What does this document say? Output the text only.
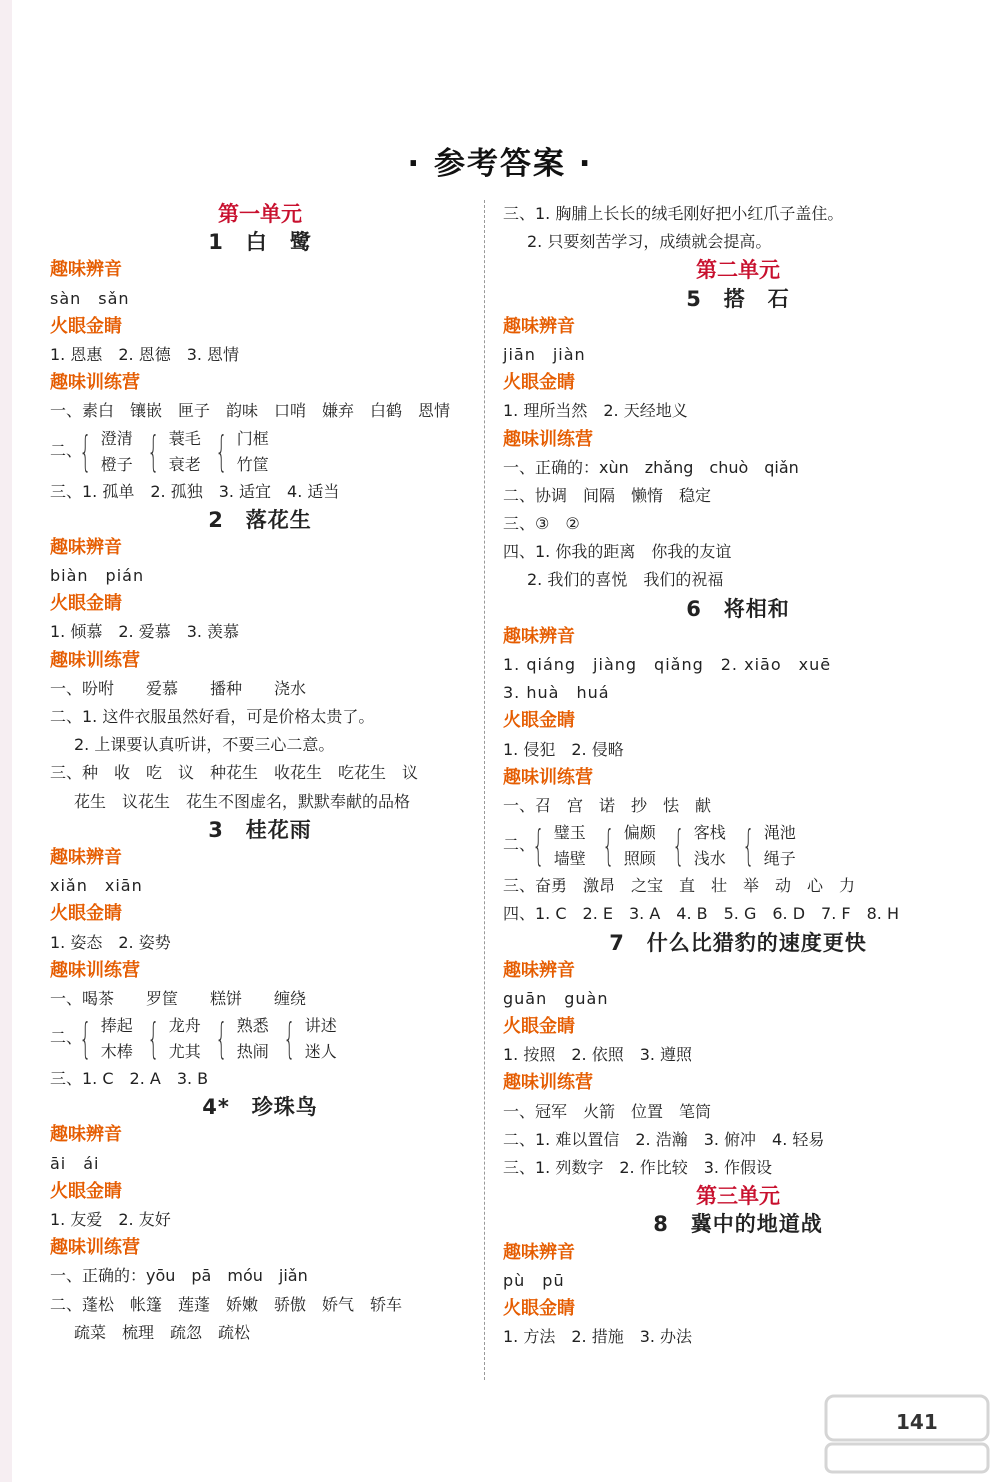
· 参考答案 ·
第一单元
1　白　鹭
趣味辨音
sàn　sǎn
火眼金睛
1. 恩惠　2. 恩德　3. 恩情
趣味训练营
一、素白　镶嵌　匣子　韵味　口哨　嫌弃　白鹤　恩情
二、
{ 澄清
橙子 { 蓑毛
衰老 { 门框
竹筐
三、1. 孤单　2. 孤独　3. 适宜　4. 适当
2　落花生
趣味辨音
biàn　pián
火眼金睛
1. 倾慕　2. 爱慕　3. 羡慕
趣味训练营
一、吩咐　　爱慕　　播种　　浇水
二、1. 这件衣服虽然好看，可是价格太贵了。
2. 上课要认真听讲，不要三心二意。
三、种　收　吃　议　种花生　收花生　吃花生　议
花生　议花生　花生不图虚名，默默奉献的品格
3　桂花雨
趣味辨音
xiǎn　xiān
火眼金睛
1. 姿态　2. 姿势
趣味训练营
一、喝茶　　罗筐　　糕饼　　缠绕
二、
{ 捧起
木棒 { 龙舟
尤其 { 熟悉
热闹 { 讲述
迷人
三、1. C　2. A　3. B
4*　珍珠鸟
趣味辨音
āi　ái
火眼金睛
1. 友爱　2. 友好
趣味训练营
一、正确的：yōu　pā　móu　jiǎn
二、蓬松　帐篷　莲蓬　娇嫩　骄傲　娇气　轿车
疏菜　梳理　疏忽　疏松
三、1. 胸脯上长长的绒毛刚好把小红爪子盖住。
2. 只要刻苦学习，成绩就会提高。
第二单元
5　搭　石
趣味辨音
jiān　jiàn
火眼金睛
1. 理所当然　2. 天经地义
趣味训练营
一、正确的：xùn　zhǎng　chuò　qiǎn
二、协调　间隔　懒惰　稳定
三、③　②
四、1. 你我的距离　你我的友谊
2. 我们的喜悦　我们的祝福
6　将相和
趣味辨音
1. qiáng　jiàng　qiǎng　2. xiāo　xuē
3. huà　huá
火眼金睛
1. 侵犯　2. 侵略
趣味训练营
一、召　宫　诺　抄　怯　献
二、
{ 璧玉
墙壁 { 偏颇
照顾 { 客栈
浅水 { 渑池
绳子
三、奋勇　激昂　之宝　直　壮　举　动　心　力
四、1. C　2. E　3. A　4. B　5. G　6. D　7. F　8. H
7　什么比猎豹的速度更快
趣味辨音
guān　guàn
火眼金睛
1. 按照　2. 依照　3. 遵照
趣味训练营
一、冠军　火箭　位置　笔筒
二、1. 难以置信　2. 浩瀚　3. 俯冲　4. 轻易
三、1. 列数字　2. 作比较　3. 作假设
第三单元
8　冀中的地道战
趣味辨音
pù　pū
火眼金睛
1. 方法　2. 措施　3. 办法
141
